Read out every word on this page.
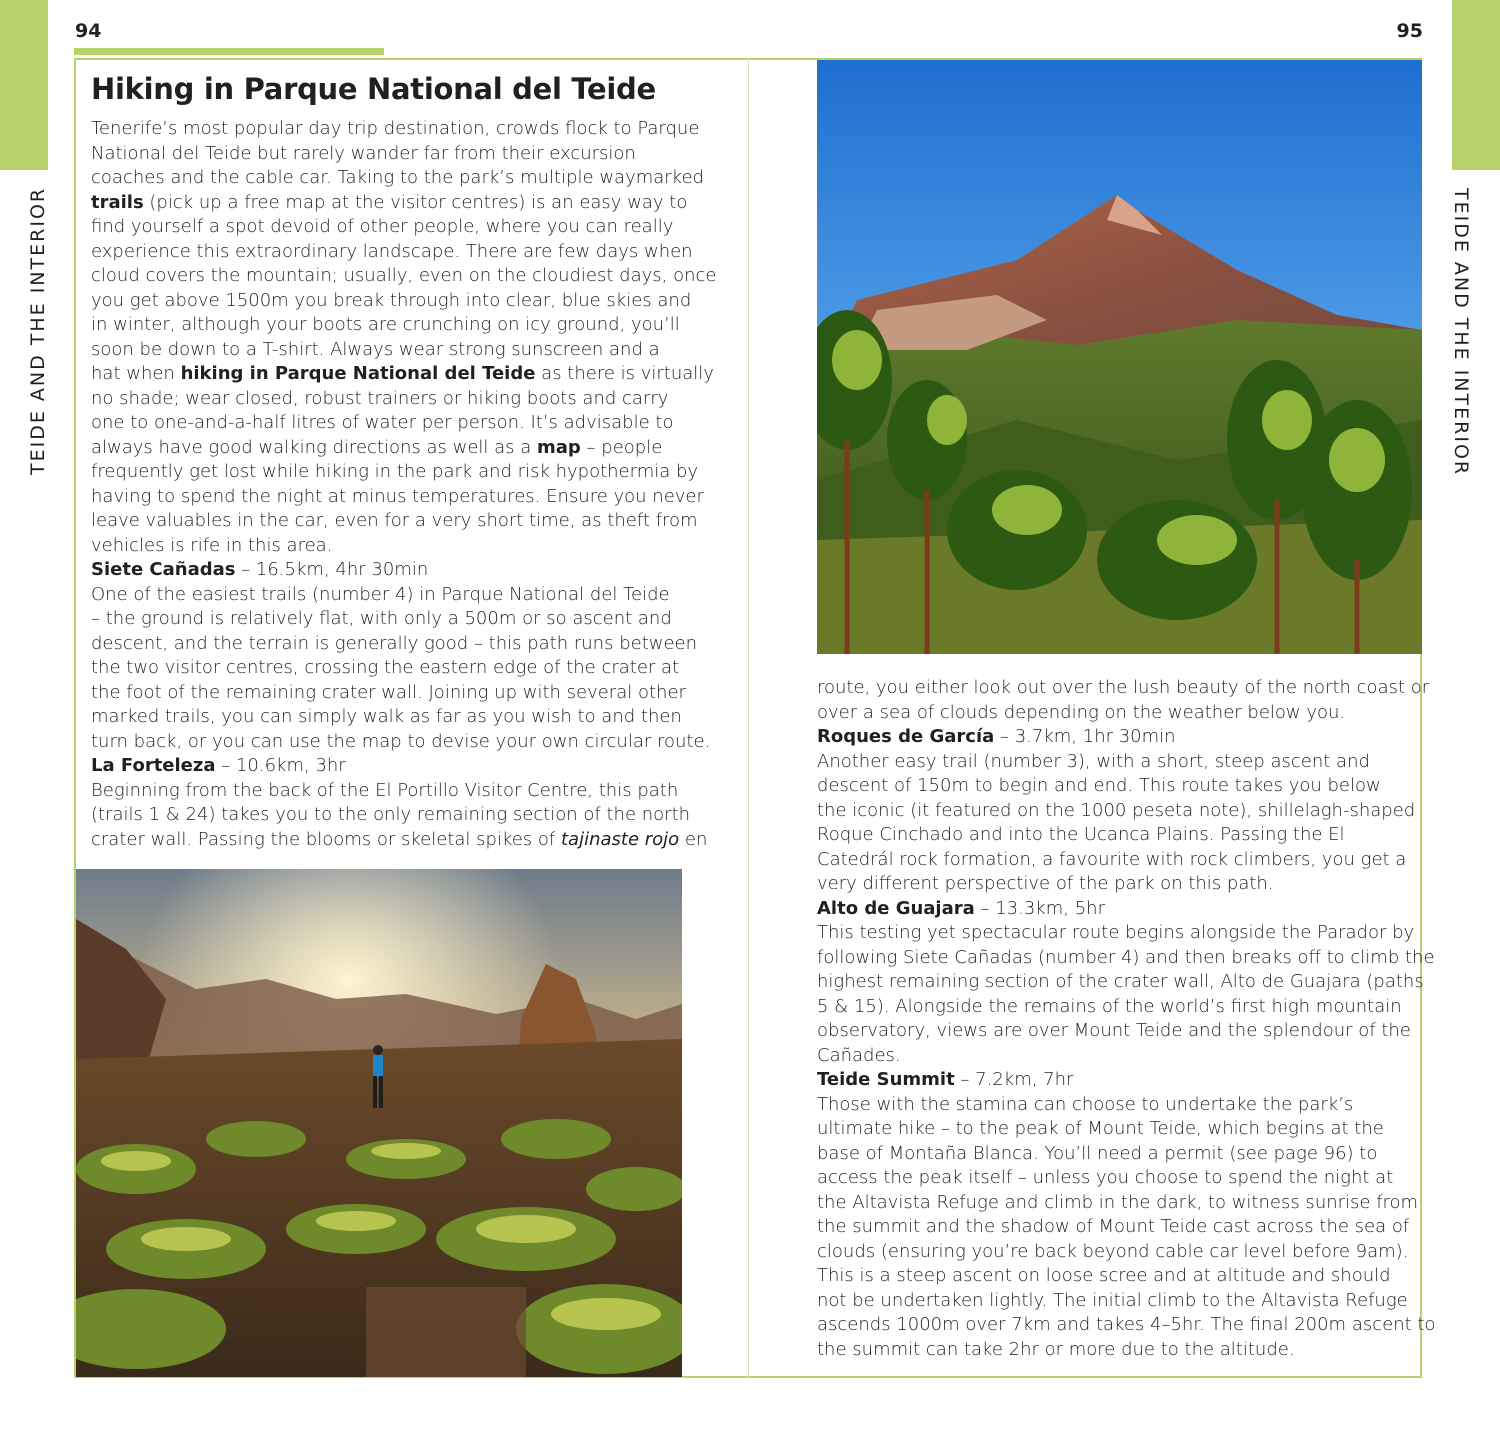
94	95
TEIDE AND THE INTERIOR	TEIDE AND THE INTERIOR
Hiking in Parque National del Teide
Tenerife’s most popular day trip destination, crowds flock to Parque
National del Teide but rarely wander far from their excursion
coaches and the cable car. Taking to the park’s multiple waymarked
trails (pick up a free map at the visitor centres) is an easy way to
find yourself a spot devoid of other people, where you can really
experience this extraordinary landscape. There are few days when
cloud covers the mountain; usually, even on the cloudiest days, once
you get above 1500m you break through into clear, blue skies and
in winter, although your boots are crunching on icy ground, you’ll
soon be down to a T-shirt. Always wear strong sunscreen and a
hat when hiking in Parque National del Teide as there is virtually
no shade; wear closed, robust trainers or hiking boots and carry
one to one-and-a-half litres of water per person. It’s advisable to
always have good walking directions as well as a map – people
frequently get lost while hiking in the park and risk hypothermia by
having to spend the night at minus temperatures. Ensure you never
leave valuables in the car, even for a very short time, as theft from
vehicles is rife in this area.
Siete Cañadas – 16.5km, 4hr 30min
One of the easiest trails (number 4) in Parque National del Teide
– the ground is relatively flat, with only a 500m or so ascent and
descent, and the terrain is generally good – this path runs between
the two visitor centres, crossing the eastern edge of the crater at
the foot of the remaining crater wall. Joining up with several other
marked trails, you can simply walk as far as you wish to and then
turn back, or you can use the map to devise your own circular route.
La Forteleza – 10.6km, 3hr
Beginning from the back of the El Portillo Visitor Centre, this path
(trails 1 & 24) takes you to the only remaining section of the north
crater wall. Passing the blooms or skeletal spikes of tajinaste rojo en
route, you either look out over the lush beauty of the north coast or
over a sea of clouds depending on the weather below you.
Roques de García – 3.7km, 1hr 30min
Another easy trail (number 3), with a short, steep ascent and
descent of 150m to begin and end. This route takes you below
the iconic (it featured on the 1000 peseta note), shillelagh-shaped
Roque Cinchado and into the Ucanca Plains. Passing the El
Catedrál rock formation, a favourite with rock climbers, you get a
very different perspective of the park on this path.
Alto de Guajara – 13.3km, 5hr
This testing yet spectacular route begins alongside the Parador by
following Siete Cañadas (number 4) and then breaks off to climb the
highest remaining section of the crater wall, Alto de Guajara (paths
5 & 15). Alongside the remains of the world’s first high mountain
observatory, views are over Mount Teide and the splendour of the
Cañades.
Teide Summit – 7.2km, 7hr
Those with the stamina can choose to undertake the park’s
ultimate hike – to the peak of Mount Teide, which begins at the
base of Montaña Blanca. You’ll need a permit (see page 96) to
access the peak itself – unless you choose to spend the night at
the Altavista Refuge and climb in the dark, to witness sunrise from
the summit and the shadow of Mount Teide cast across the sea of
clouds (ensuring you’re back beyond cable car level before 9am).
This is a steep ascent on loose scree and at altitude and should
not be undertaken lightly. The initial climb to the Altavista Refuge
ascends 1000m over 7km and takes 4–5hr. The final 200m ascent to
the summit can take 2hr or more due to the altitude.
